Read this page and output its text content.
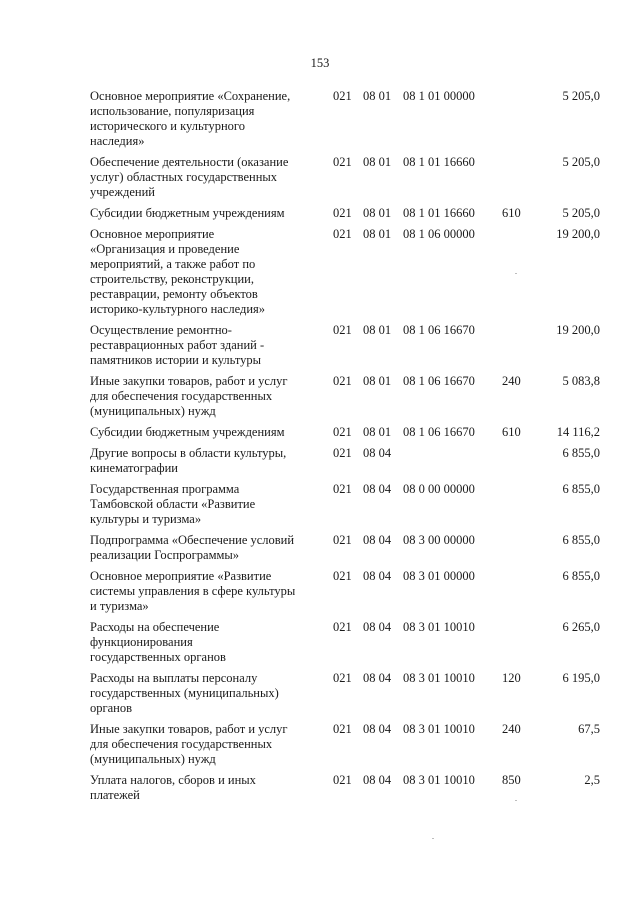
153
Основное мероприятие «Сохранение,
использование, популяризация
исторического и культурного
наследия»
021 08 01 08 1 01 00000	5 205,0
Обеспечение деятельности (оказание
услуг) областных государственных
учреждений
021 08 01 08 1 01 16660	5 205,0
Субсидии бюджетным учреждениям	021 08 01 08 1 01 16660 610	5 205,0
Основное мероприятие
«Организация и проведение
мероприятий, а также работ по
строительству, реконструкции,
реставрации, ремонту объектов
историко-культурного наследия»
021 08 01 08 1 06 00000	19 200,0
Осуществление ремонтно-
реставрационных работ зданий -
памятников истории и культуры
021 08 01 08 1 06 16670	19 200,0
Иные закупки товаров, работ и услуг
для обеспечения государственных
(муниципальных) нужд
021 08 01 08 1 06 16670 240	5 083,8
Субсидии бюджетным учреждениям	021 08 01 08 1 06 16670 610	14 116,2
Другие вопросы в области культуры,
кинематографии
021 08 04	6 855,0
Государственная программа
Тамбовской области «Развитие
культуры и туризма»
021 08 04 08 0 00 00000	6 855,0
Подпрограмма «Обеспечение условий
реализации Госпрограммы»
021 08 04 08 3 00 00000	6 855,0
Основное мероприятие «Развитие
системы управления в сфере культуры
и туризма»
021 08 04 08 3 01 00000	6 855,0
Расходы на обеспечение
функционирования
государственных органов
021 08 04 08 3 01 10010	6 265,0
Расходы на выплаты персоналу
государственных (муниципальных)
органов
021 08 04 08 3 01 10010 120	6 195,0
Иные закупки товаров, работ и услуг
для обеспечения государственных
(муниципальных) нужд
021 08 04 08 3 01 10010 240	67,5
Уплата налогов, сборов и иных
платежей
021 08 04 08 3 01 10010 850	2,5
